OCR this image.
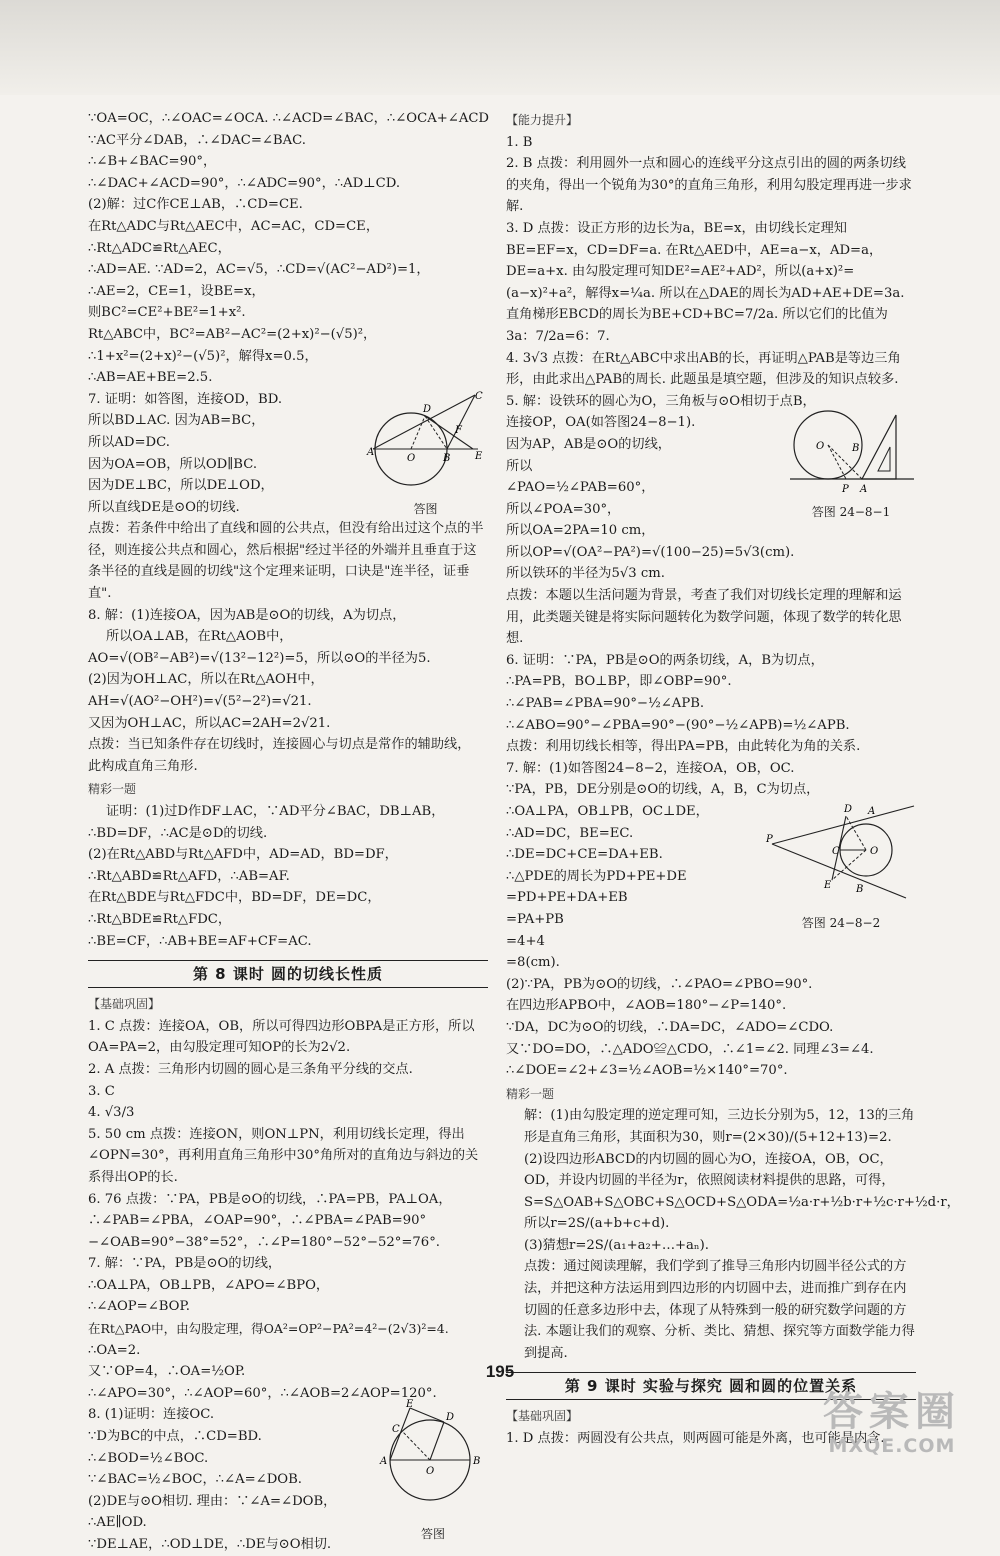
∵OA=OC，∴∠OAC=∠OCA. ∴∠ACD=∠BAC，∴∠OCA+∠ACD
∵AC平分∠DAB，∴∠DAC=∠BAC.
∴∠B+∠BAC=90°，
∴∠DAC+∠ACD=90°，∴∠ADC=90°，∴AD⊥CD.
(2)解：过C作CE⊥AB，∴CD=CE.
在Rt△ADC与Rt△AEC中，AC=AC，CD=CE，
∴Rt△ADC≌Rt△AEC，
∴AD=AE. ∵AD=2，AC=√5，∴CD=√(AC²−AD²)=1，
∴AE=2，CE=1，设BE=x，
则BC²=CE²+BE²=1+x².
Rt△ABC中，BC²=AB²−AC²=(2+x)²−(√5)²，
∴1+x²=(2+x)²−(√5)²，解得x=0.5，
∴AB=AE+BE=2.5.
7. 证明：如答图，连接OD，BD.
所以BD⊥AC. 因为AB=BC，
所以AD=DC.
因为OA=OB，所以OD∥BC.
因为DE⊥BC，所以DE⊥OD，
所以直线DE是⊙O的切线.
A
O	B E
D
C
F
答图
点拨：若条件中给出了直线和圆的公共点，但没有给出过这个点的半径，则连接公共点和圆心，然后根据"经过半径的外端并且垂直于这条半径的直线是圆的切线"这个定理来证明，口诀是"连半径，证垂直".
8. 解：(1)连接OA，因为AB是⊙O的切线，A为切点，
所以OA⊥AB，在Rt△AOB中，
AO=√(OB²−AB²)=√(13²−12²)=5，所以⊙O的半径为5.
(2)因为OH⊥AC，所以在Rt△AOH中，
AH=√(AO²−OH²)=√(5²−2²)=√21.
又因为OH⊥AC，所以AC=2AH=2√21.
点拨：当已知条件存在切线时，连接圆心与切点是常作的辅助线，
此构成直角三角形.
精彩一题
证明：(1)过D作DF⊥AC，∵AD平分∠BAC，DB⊥AB，
∴BD=DF，∴AC是⊙D的切线.
(2)在Rt△ABD与Rt△AFD中，AD=AD，BD=DF，
∴Rt△ABD≌Rt△AFD，∴AB=AF.
在Rt△BDE与Rt△FDC中，BD=DF，DE=DC，
∴Rt△BDE≌Rt△FDC，
∴BE=CF，∴AB+BE=AF+CF=AC.
第 8 课时 圆的切线长性质
【基础巩固】
1. C 点拨：连接OA，OB，所以可得四边形OBPA是正方形，所以OA=PA=2，由勾股定理可知OP的长为2√2.
2. A 点拨：三角形内切圆的圆心是三条角平分线的交点.
3. C
4. √3/3
5. 50 cm 点拨：连接ON，则ON⊥PN，利用切线长定理，得出∠OPN=30°，再利用直角三角形中30°角所对的直角边与斜边的关系得出OP的长.
6. 76 点拨：∵PA，PB是⊙O的切线，∴PA=PB，PA⊥OA，∴∠PAB=∠PBA，∠OAP=90°，∴∠PBA=∠PAB=90°−∠OAB=90°−38°=52°，∴∠P=180°−52°−52°=76°.
7. 解：∵PA，PB是⊙O的切线，
∴OA⊥PA，OB⊥PB，∠APO=∠BPO，
∴∠AOP=∠BOP.
在Rt△PAO中，由勾股定理，得OA²=OP²−PA²=4²−(2√3)²=4.
∴OA=2.
又∵OP=4，∴OA=½OP.
∴∠APO=30°，∴∠AOP=60°，∴∠AOB=2∠AOP=120°.
8. (1)证明：连接OC.
∵D为BC的中点，∴CD=BD.
∴∠BOD=½∠BOC.
∵∠BAC=½∠BOC，∴∠A=∠DOB.
(2)DE与⊙O相切. 理由：∵∠A=∠DOB，
∴AE∥OD.
∵DE⊥AE，∴OD⊥DE，∴DE与⊙O相切.
A
O
B
E
D
C
答图
【能力提升】
1. B
2. B 点拨：利用圆外一点和圆心的连线平分这点引出的圆的两条切线的夹角，得出一个锐角为30°的直角三角形，利用勾股定理再进一步求解.
3. D 点拨：设正方形的边长为a，BE=x，由切线长定理知BE=EF=x，CD=DF=a. 在Rt△AED中，AE=a−x，AD=a，DE=a+x. 由勾股定理可知DE²=AE²+AD²，所以(a+x)²=(a−x)²+a²，解得x=¼a. 所以在△DAE的周长为AD+AE+DE=3a. 直角梯形EBCD的周长为BE+CD+BC=7/2a. 所以它们的比值为3a：7/2a=6：7.
4. 3√3 点拨：在Rt△ABC中求出AB的长，再证明△PAB是等边三角形，由此求出△PAB的周长. 此题虽是填空题，但涉及的知识点较多.
5. 解：设铁环的圆心为O，三角板与⊙O相切于点B，
连接OP，OA(如答图24−8−1).
因为AP，AB是⊙O的切线，
所以
∠PAO=½∠PAB=60°，
所以∠POA=30°，
所以OA=2PA=10 cm，
所以OP=√(OA²−PA²)=√(100−25)=5√3(cm).
所以铁环的半径为5√3 cm.
O
P A
B
答图 24−8−1
点拨：本题以生活问题为背景，考查了我们对切线长定理的理解和运用，此类题关键是将实际问题转化为数学问题，体现了数学的转化思想.
6. 证明：∵PA，PB是⊙O的两条切线，A，B为切点，
∴PA=PB，BO⊥BP，即∠OBP=90°.
∴∠PAB=∠PBA=90°−½∠APB.
∴∠ABO=90°−∠PBA=90°−(90°−½∠APB)=½∠APB.
点拨：利用切线长相等，得出PA=PB，由此转化为角的关系.
7. 解：(1)如答图24−8−2，连接OA，OB，OC.
∵PA，PB，DE分别是⊙O的切线，A，B，C为切点，
∴OA⊥PA，OB⊥PB，OC⊥DE，
∴AD=DC，BE=EC.
∴DE=DC+CE=DA+EB.
∴△PDE的周长为PD+PE+DE
=PD+PE+DA+EB
=PA+PB
=4+4
=8(cm).
P
D A
C	O
E B
答图 24−8−2
(2)∵PA，PB为⊙O的切线，∴∠PAO=∠PBO=90°.
在四边形APBO中，∠AOB=180°−∠P=140°.
∵DA，DC为⊙O的切线，∴DA=DC，∠ADO=∠CDO.
又∵DO=DO，∴△ADO≌△CDO，∴∠1=∠2. 同理∠3=∠4.
∴∠DOE=∠2+∠3=½∠AOB=½×140°=70°.
精彩一题
解：(1)由勾股定理的逆定理可知，三边长分别为5，12，13的三角形是直角三角形，其面积为30，则r=(2×30)/(5+12+13)=2.
(2)设四边形ABCD的内切圆的圆心为O，连接OA，OB，OC，OD，并设内切圆的半径为r，依照阅读材料提供的思路，可得，S=S△OAB+S△OBC+S△OCD+S△ODA=½a·r+½b·r+½c·r+½d·r，所以r=2S/(a+b+c+d).
(3)猜想r=2S/(a₁+a₂+…+aₙ).
点拨：通过阅读理解，我们学到了推导三角形内切圆半径公式的方法，并把这种方法运用到四边形的内切圆中去，进而推广到存在内切圆的任意多边形中去，体现了从特殊到一般的研究数学问题的方法. 本题让我们的观察、分析、类比、猜想、探究等方面数学能力得到提高.
第 9 课时 实验与探究 圆和圆的位置关系
【基础巩固】
1. D 点拨：两圆没有公共点，则两圆可能是外离，也可能是内含.
195
答案圈
MXQE.COM
